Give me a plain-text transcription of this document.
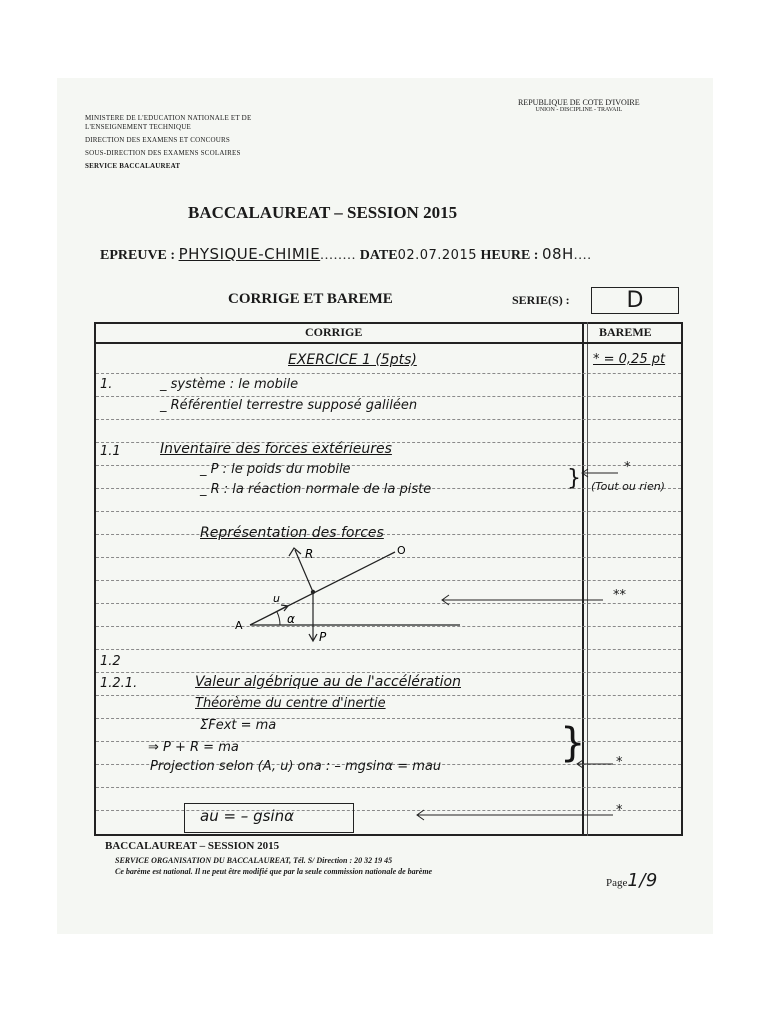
MINISTERE DE L'EDUCATION NATIONALE ET DE
L'ENSEIGNEMENT TECHNIQUE
DIRECTION DES EXAMENS ET CONCOURS
SOUS-DIRECTION DES EXAMENS SCOLAIRES
SERVICE BACCALAUREAT
REPUBLIQUE DE COTE D'IVOIRE
UNION - DISCIPLINE - TRAVAIL
BACCALAUREAT – SESSION 2015
EPREUVE : PHYSIQUE-CHIMIE........ DATE02.07.2015 HEURE : 08H....
CORRIGE ET BAREME	SERIE(S) :	D
CORRIGE	BAREME
EXERCICE 1 (5pts)	* = 0,25 pt
1.	_ système : le mobile
_ Référentiel terrestre supposé galiléen
1.1	Inventaire des forces extérieures
_ P : le poids du mobile
_ R : la réaction normale de la piste	}	*
(Tout ou rien)
Représentation des forces
R	O
u
α
A
P
**
1.2
1.2.1.	Valeur algébrique au de l'accélération
Théorème du centre d'inertie
ΣFext = ma
⇒ P + R = ma
Projection selon (A, u) ona : – mgsinα = mau
} *
au = – gsinα	*
BACCALAUREAT – SESSION 2015
SERVICE ORGANISATION DU BACCALAUREAT, Tél. S/ Direction : 20 32 19 45
Ce barème est national. Il ne peut être modifié que par la seule commission nationale de barème
Page1/9
